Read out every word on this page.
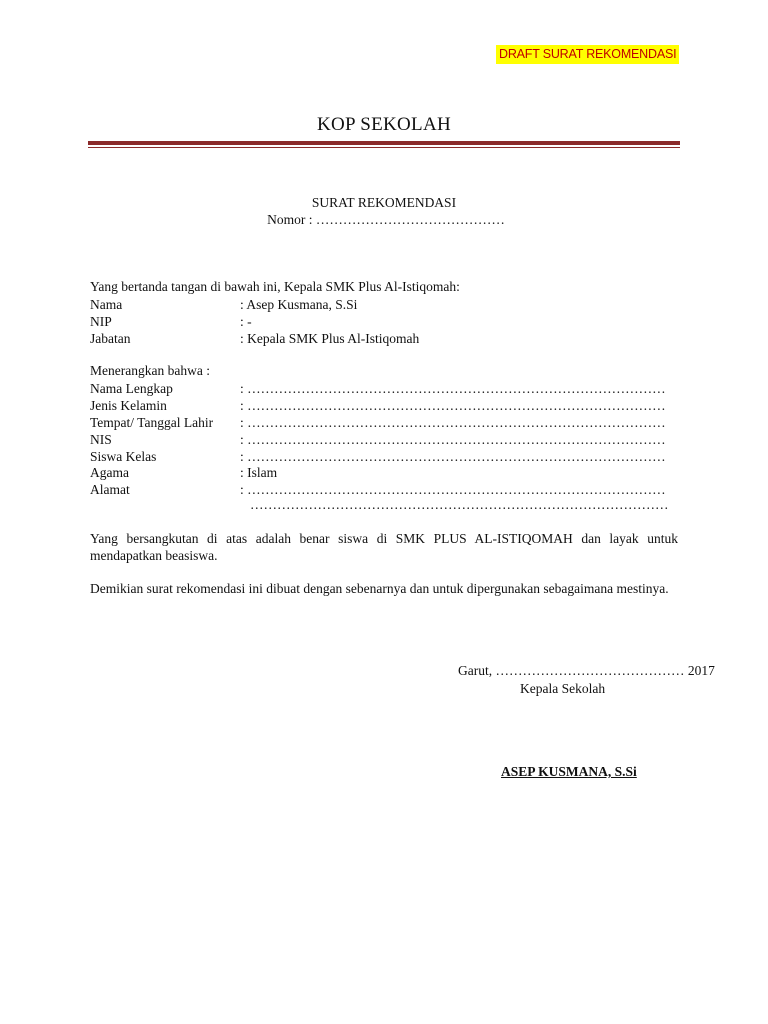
DRAFT SURAT REKOMENDASI
KOP SEKOLAH
SURAT REKOMENDASI
Nomor : ……………………………………
Yang bertanda tangan di bawah ini, Kepala SMK Plus Al-Istiqomah:
Nama	: Asep Kusmana, S.Si
NIP	: -
Jabatan	: Kepala SMK Plus Al-Istiqomah
Menerangkan bahwa :
Nama Lengkap	: …………………………………………………………………………………
Jenis Kelamin	: …………………………………………………………………………………
Tempat/ Tanggal Lahir : …………………………………………………………………………………
NIS	: …………………………………………………………………………………
Siswa Kelas	: …………………………………………………………………………………
Agama	: Islam
Alamat	: …………………………………………………………………………………
…………………………………………………………………………………
Yang bersangkutan di atas adalah benar siswa di SMK PLUS AL-ISTIQOMAH dan layak untuk mendapatkan beasiswa.
Demikian surat rekomendasi ini dibuat dengan sebenarnya dan untuk dipergunakan sebagaimana mestinya.
Garut, …………………………………… 2017
Kepala Sekolah
ASEP KUSMANA, S.Si
